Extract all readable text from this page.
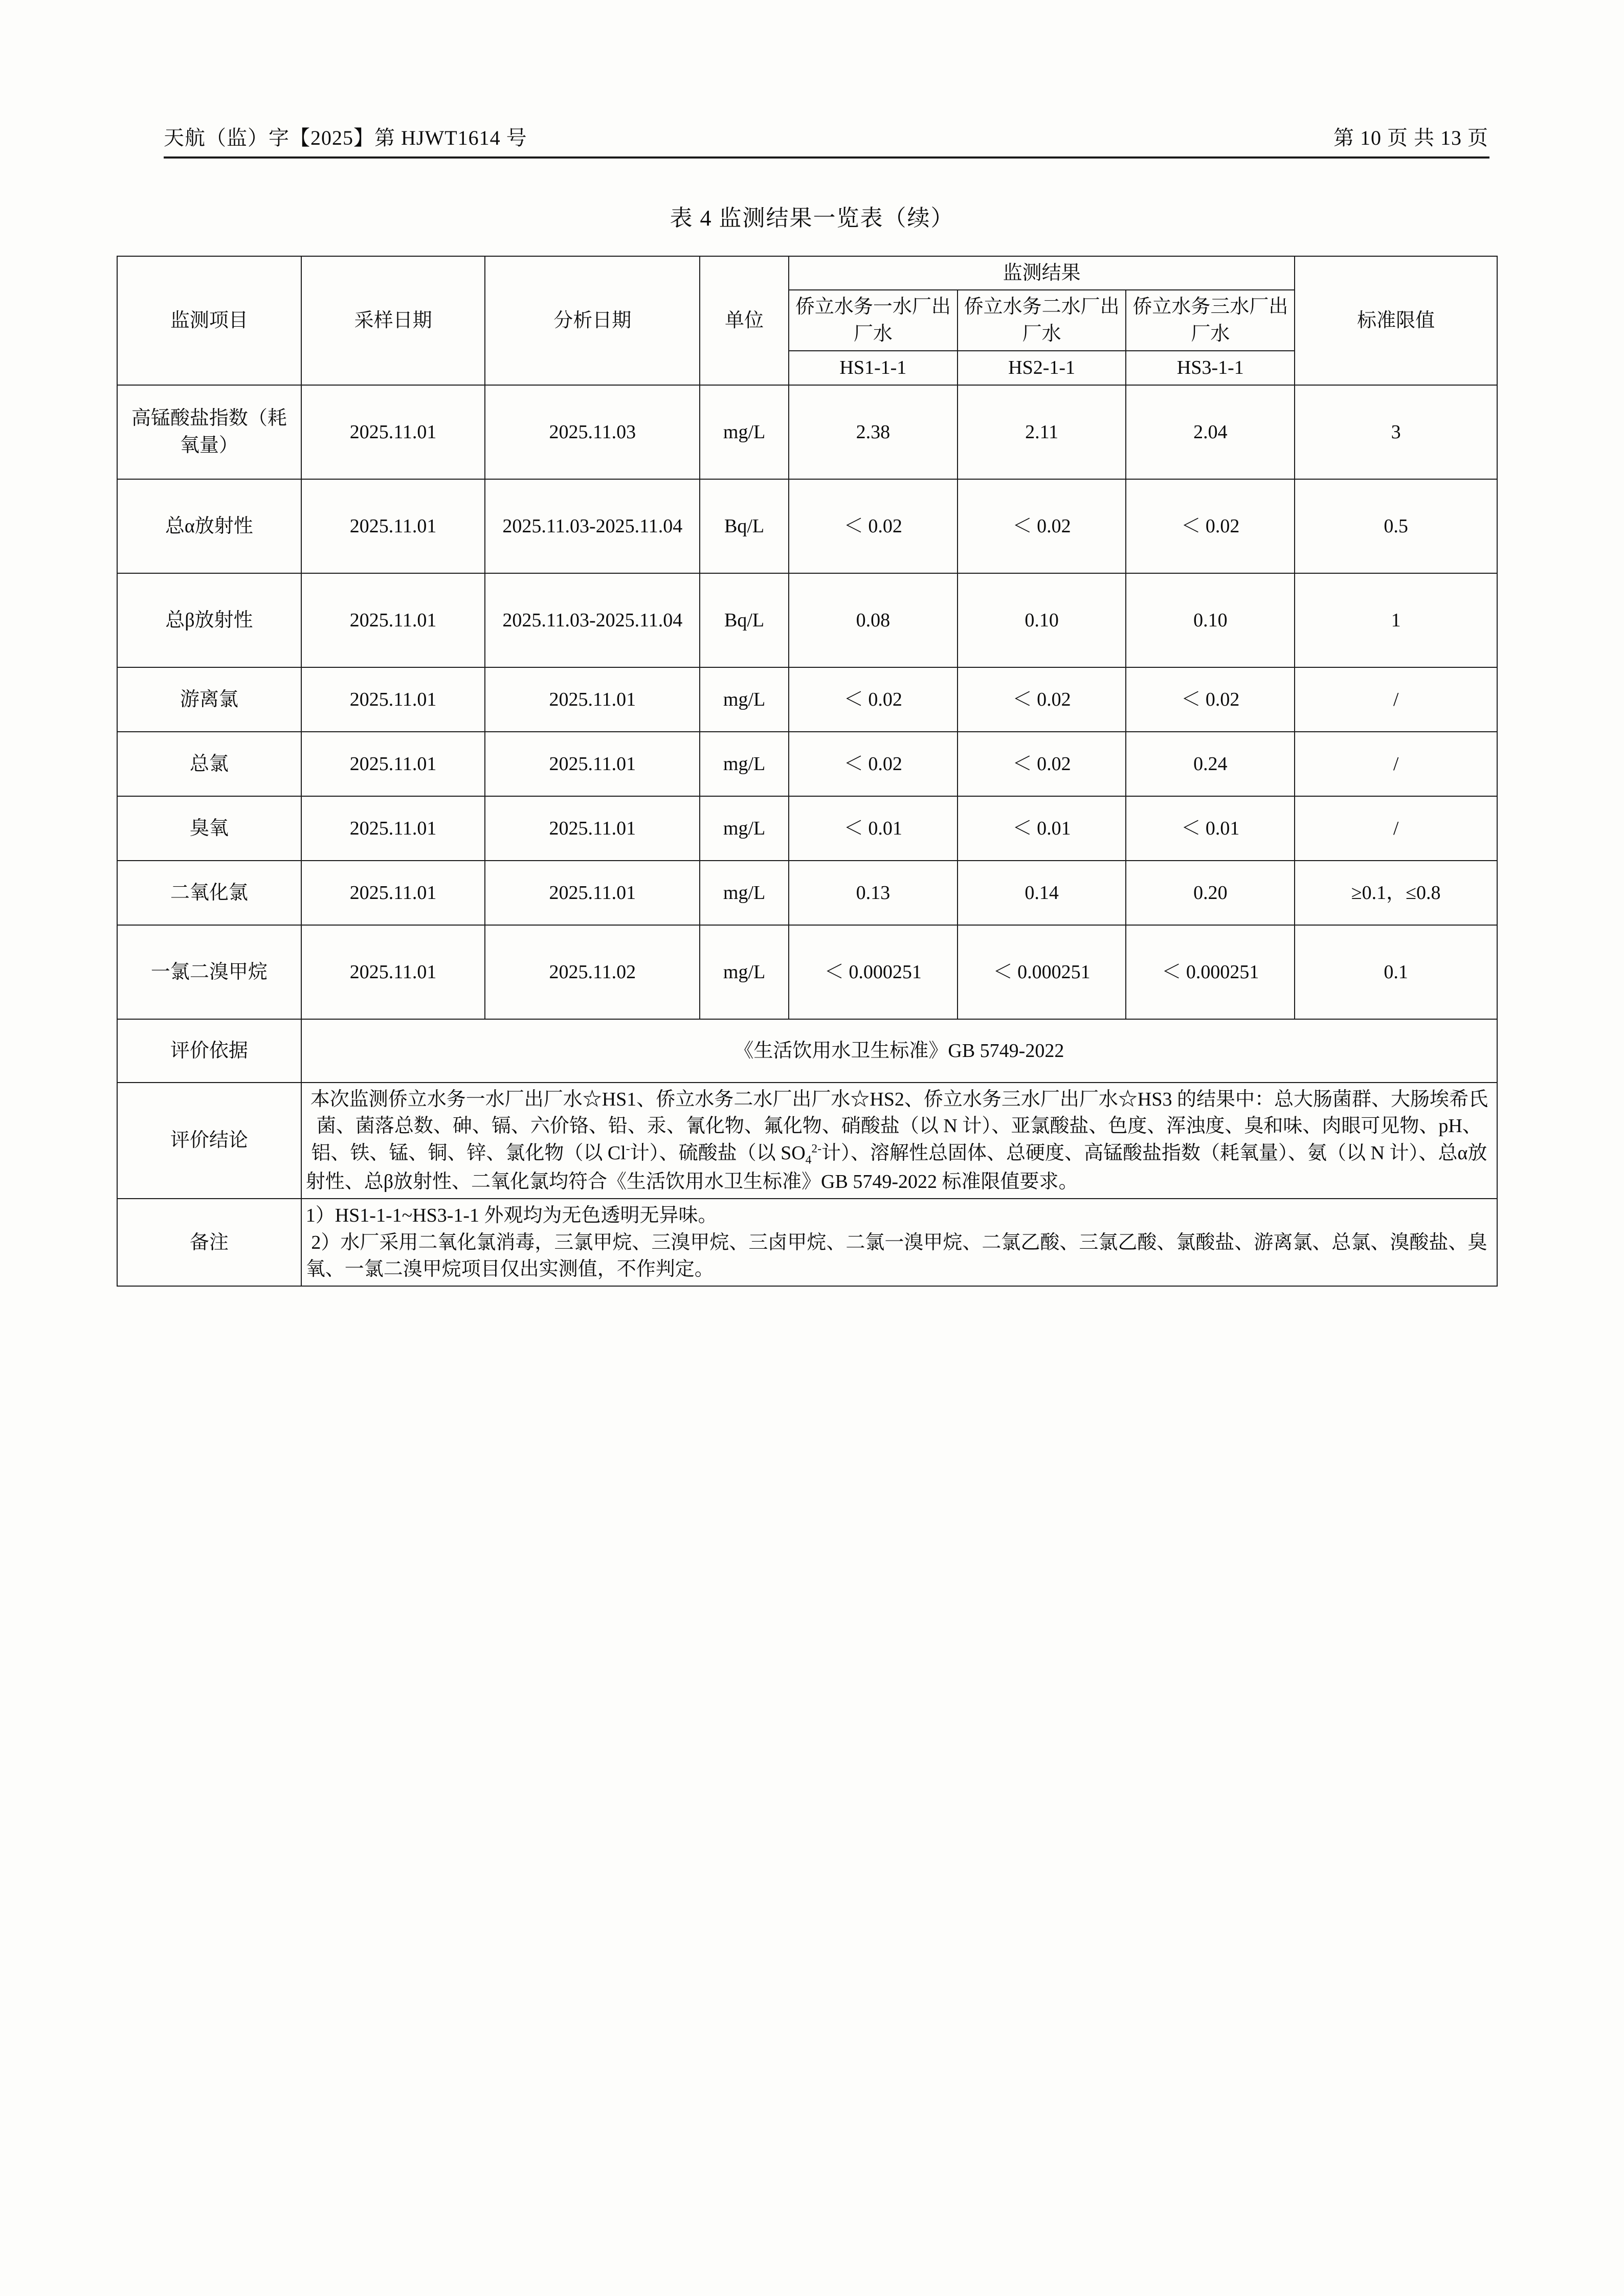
天航（监）字【2025】第 HJWT1614 号	第 10 页 共 13 页
表 4 监测结果一览表（续）
监测项目	采样日期	分析日期	单位	监测结果			标准限值
				侨立水务一水厂出厂水	侨立水务二水厂出厂水	侨立水务三水厂出厂水	
				HS1-1-1	HS2-1-1	HS3-1-1	
高锰酸盐指数（耗氧量）	2025.11.01	2025.11.03	mg/L	2.38	2.11	2.04	3
总α放射性	2025.11.01	2025.11.03-2025.11.04	Bq/L	＜ 0.02	＜ 0.02	＜ 0.02	0.5
总β放射性	2025.11.01	2025.11.03-2025.11.04	Bq/L	0.08	0.10	0.10	1
游离氯	2025.11.01	2025.11.01	mg/L	＜ 0.02	＜ 0.02	＜ 0.02	/
总氯	2025.11.01	2025.11.01	mg/L	＜ 0.02	＜ 0.02	0.24	/
臭氧	2025.11.01	2025.11.01	mg/L	＜ 0.01	＜ 0.01	＜ 0.01	/
二氧化氯	2025.11.01	2025.11.01	mg/L	0.13	0.14	0.20	≥0.1，≤0.8
一氯二溴甲烷	2025.11.01	2025.11.02	mg/L	＜ 0.000251	＜ 0.000251	＜ 0.000251	0.1
评价依据	《生活饮用水卫生标准》GB 5749-2022						
评价结论	本次监测侨立水务一水厂出厂水☆HS1、侨立水务二水厂出厂水☆HS2、侨立水务三水厂出厂水☆HS3 的结果中：总大肠菌群、大肠埃希氏菌、菌落总数、砷、镉、六价铬、铅、汞、氰化物、氟化物、硝酸盐（以 N 计）、亚氯酸盐、色度、浑浊度、臭和味、肉眼可见物、pH、铝、铁、锰、铜、锌、氯化物（以 Cl-计）、硫酸盐（以 $SO_4^{2-}$计）、溶解性总固体、总硬度、高锰酸盐指数（耗氧量）、氨（以 N 计）、总α放射性、总β放射性、二氧化氯均符合《生活饮用水卫生标准》GB 5749-2022 标准限值要求。						
备注	1）HS1-1-1~HS3-1-1 外观均为无色透明无异味。
2）水厂采用二氧化氯消毒，三氯甲烷、三溴甲烷、三卤甲烷、二氯一溴甲烷、二氯乙酸、三氯乙酸、氯酸盐、游离氯、总氯、溴酸盐、臭氧、一氯二溴甲烷项目仅出实测值，不作判定。						
